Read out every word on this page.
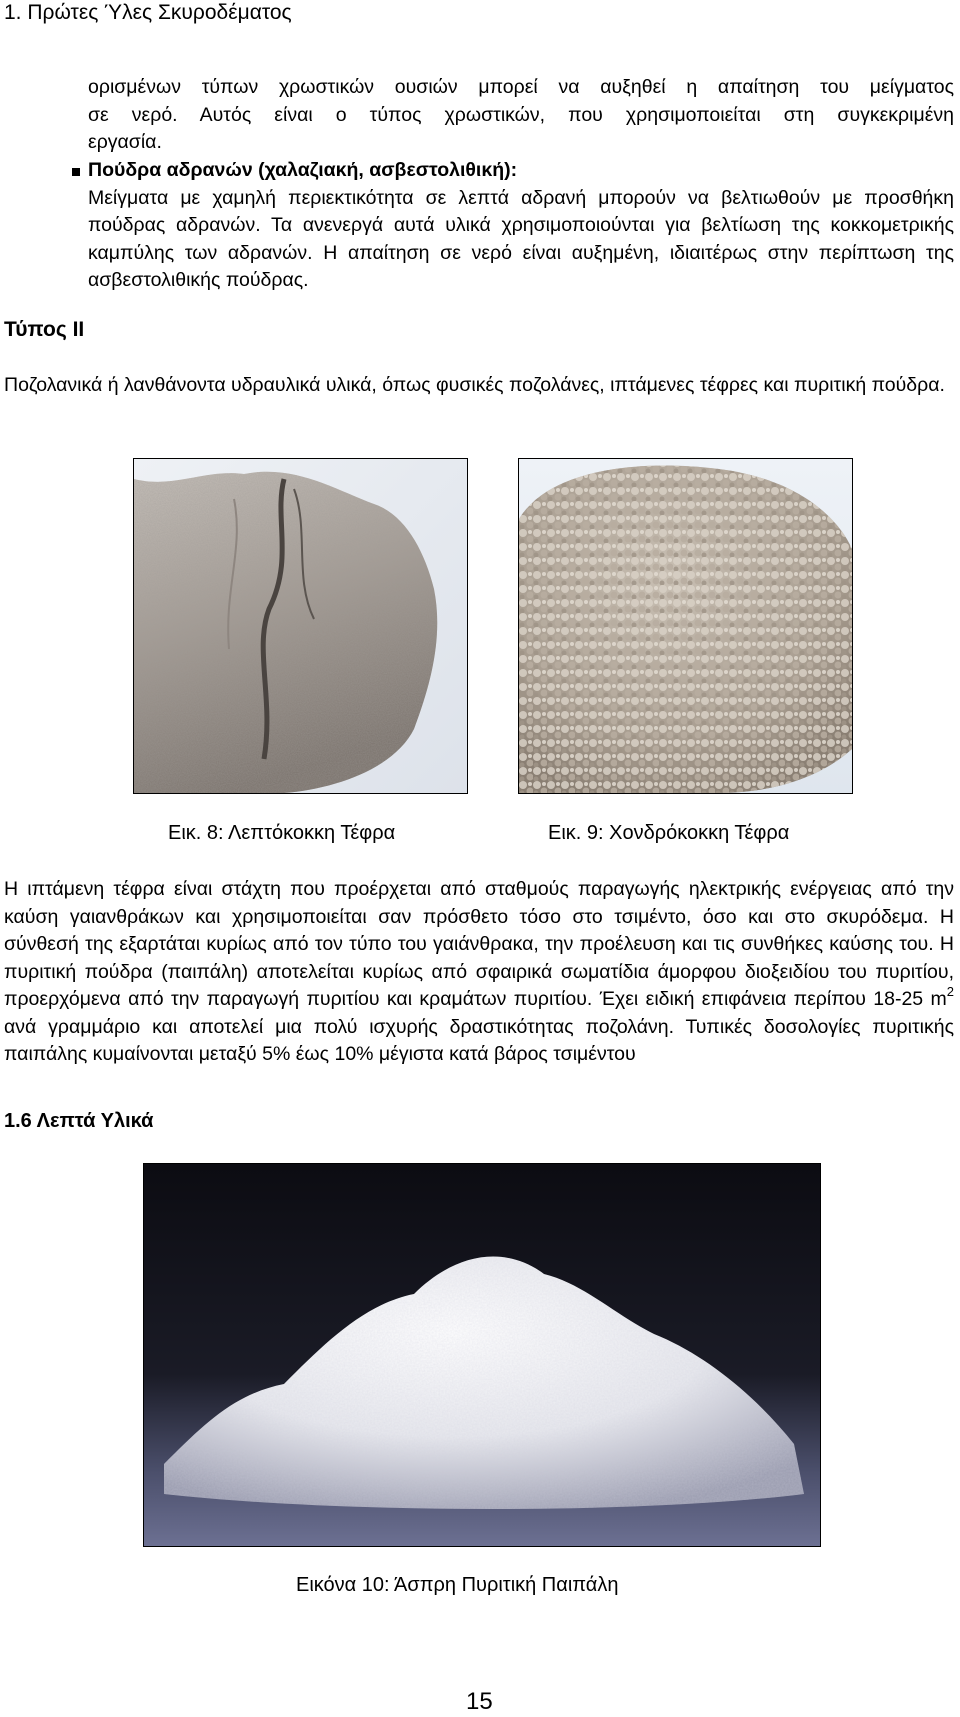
1. Πρώτες Ύλες Σκυροδέματος
ορισμένων τύπων χρωστικών ουσιών μπορεί να αυξηθεί η απαίτηση του μείγματος
σε νερό. Αυτός είναι ο τύπος χρωστικών, που χρησιμοποιείται στη συγκεκριμένη
εργασία.
Πούδρα αδρανών (χαλαζιακή, ασβεστολιθική):
Μείγματα με χαμηλή περιεκτικότητα σε λεπτά αδρανή μπορούν να βελτιωθούν με προσθήκη πούδρας αδρανών. Τα ανενεργά αυτά υλικά χρησιμοποιούνται για βελτίωση της κοκκομετρικής καμπύλης των αδρανών. Η απαίτηση σε νερό είναι αυξημένη, ιδιαιτέρως στην περίπτωση της ασβεστολιθικής πούδρας.
Τύπος ΙΙ
Ποζολανικά ή λανθάνοντα υδραυλικά υλικά, όπως φυσικές ποζολάνες, ιπτάμενες τέφρες και πυριτική πούδρα.
Εικ. 8: Λεπτόκοκκη Τέφρα	Εικ. 9: Χονδρόκοκκη Τέφρα
Η ιπτάμενη τέφρα είναι στάχτη που προέρχεται από σταθμούς παραγωγής ηλεκτρικής ενέργειας από την καύση γαιανθράκων και χρησιμοποιείται σαν πρόσθετο τόσο στο τσιμέντο, όσο και στο σκυρόδεμα. Η σύνθεσή της εξαρτάται κυρίως από τον τύπο του γαιάνθρακα, την προέλευση και τις συνθήκες καύσης του. Η πυριτική πούδρα (παιπάλη) αποτελείται κυρίως από σφαιρικά σωματίδια άμορφου διοξειδίου του πυριτίου, προερχόμενα από την παραγωγή πυριτίου και κραμάτων πυριτίου. Έχει ειδική επιφάνεια περίπου 18-25 $m^2$ ανά γραμμάριο και αποτελεί μια πολύ ισχυρής δραστικότητας ποζολάνη. Τυπικές δοσολογίες πυριτικής παιπάλης κυμαίνονται μεταξύ 5% έως 10% μέγιστα κατά βάρος τσιμέντου
1.6 Λεπτά Υλικά
Εικόνα 10: Άσπρη Πυριτική Παιπάλη
15
